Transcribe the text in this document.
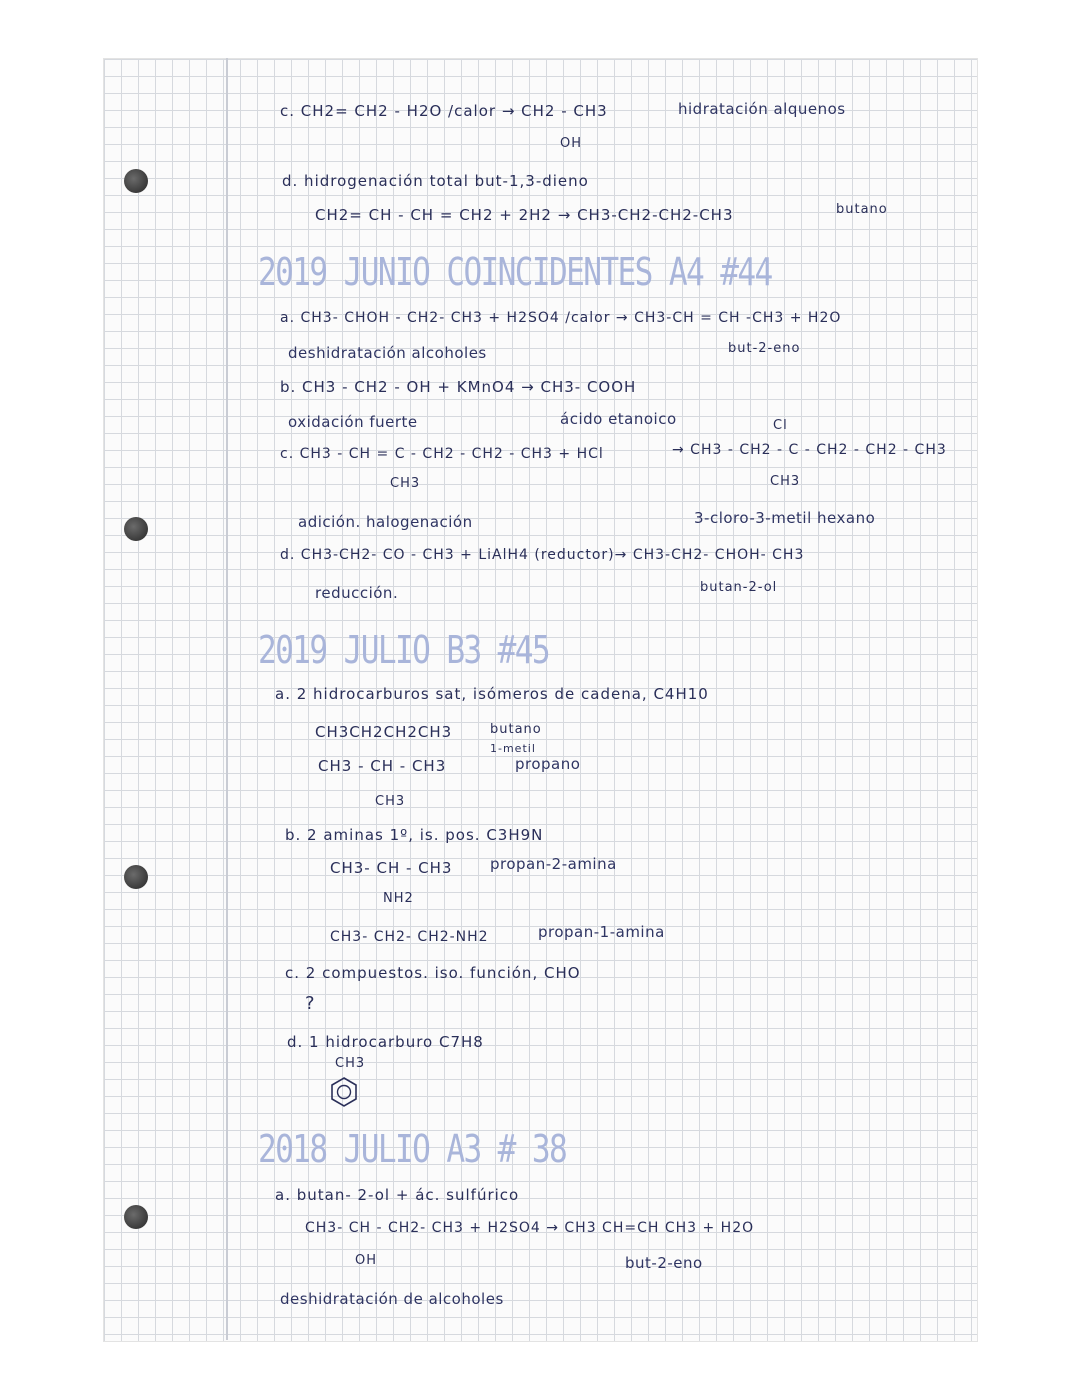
c. CH2= CH2 - H2O /calor → CH2 - CH3
OH
hidratación alquenos
d. hidrogenación total but-1,3-dieno
CH2= CH - CH = CH2 + 2H2 → CH3-CH2-CH2-CH3	butano
2019 JUNIO COINCIDENTES A4 #44
a. CH3- CHOH - CH2- CH3 + H2SO4 /calor → CH3-CH = CH -CH3 + H2O
deshidratación alcoholes	but-2-eno
b. CH3 - CH2 - OH + KMnO4 → CH3- COOH
oxidación fuerte	ácido etanoico
c. CH3 - CH = C - CH2 - CH2 - CH3 + HCl
CH3
→ CH3 - CH2 - C - CH2 - CH2 - CH3
Cl
CH3
adición. halogenación	3-cloro-3-metil hexano
d. CH3-CH2- CO - CH3 + LiAlH4 (reductor)→ CH3-CH2- CHOH- CH3
butan-2-ol
reducción.
2019 JULIO B3 #45
a. 2 hidrocarburos sat, isómeros de cadena, C4H10
CH3CH2CH2CH3	butano
1-metil
CH3 - CH - CH3	propano
CH3
b. 2 aminas 1º, is. pos. C3H9N
CH3- CH - CH3	propan-2-amina
NH2
CH3- CH2- CH2-NH2	propan-1-amina
c. 2 compuestos. iso. función, CHO
?
d. 1 hidrocarburo C7H8
CH3
2018 JULIO A3 # 38
a. butan- 2-ol + ác. sulfúrico
CH3- CH - CH2- CH3 + H2SO4 → CH3 CH=CH CH3 + H2O
OH	but-2-eno
deshidratación de alcoholes
